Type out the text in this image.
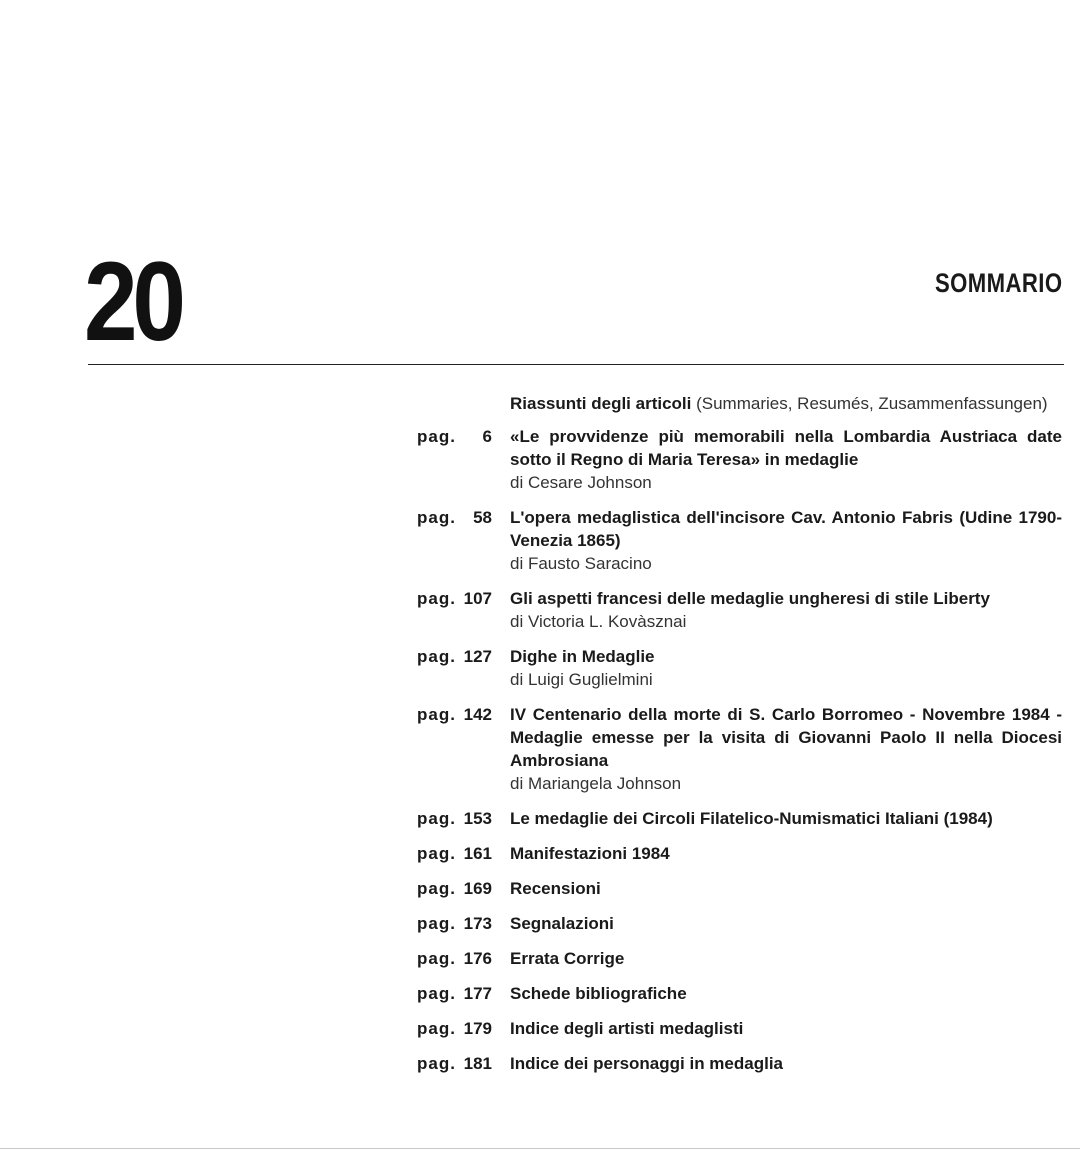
20	SOMMARIO
Riassunti degli articoli (Summaries, Resumés, Zusammenfassungen)
pag. 6 «Le provvidenze più memorabili nella Lombardia Austriaca date sotto il Regno di Maria Teresa» in medaglie
di Cesare Johnson
pag. 58 L'opera medaglistica dell'incisore Cav. Antonio Fabris (Udine 1790-Venezia 1865)
di Fausto Saracino
pag. 107 Gli aspetti francesi delle medaglie ungheresi di stile Liberty
di Victoria L. Kovàsznai
pag. 127 Dighe in Medaglie
di Luigi Guglielmini
pag. 142 IV Centenario della morte di S. Carlo Borromeo - Novembre 1984 - Medaglie emesse per la visita di Giovanni Paolo II nella Diocesi Ambrosiana
di Mariangela Johnson
pag. 153 Le medaglie dei Circoli Filatelico-Numismatici Italiani (1984)
pag. 161 Manifestazioni 1984
pag. 169 Recensioni
pag. 173 Segnalazioni
pag. 176 Errata Corrige
pag. 177 Schede bibliografiche
pag. 179 Indice degli artisti medaglisti
pag. 181 Indice dei personaggi in medaglia
